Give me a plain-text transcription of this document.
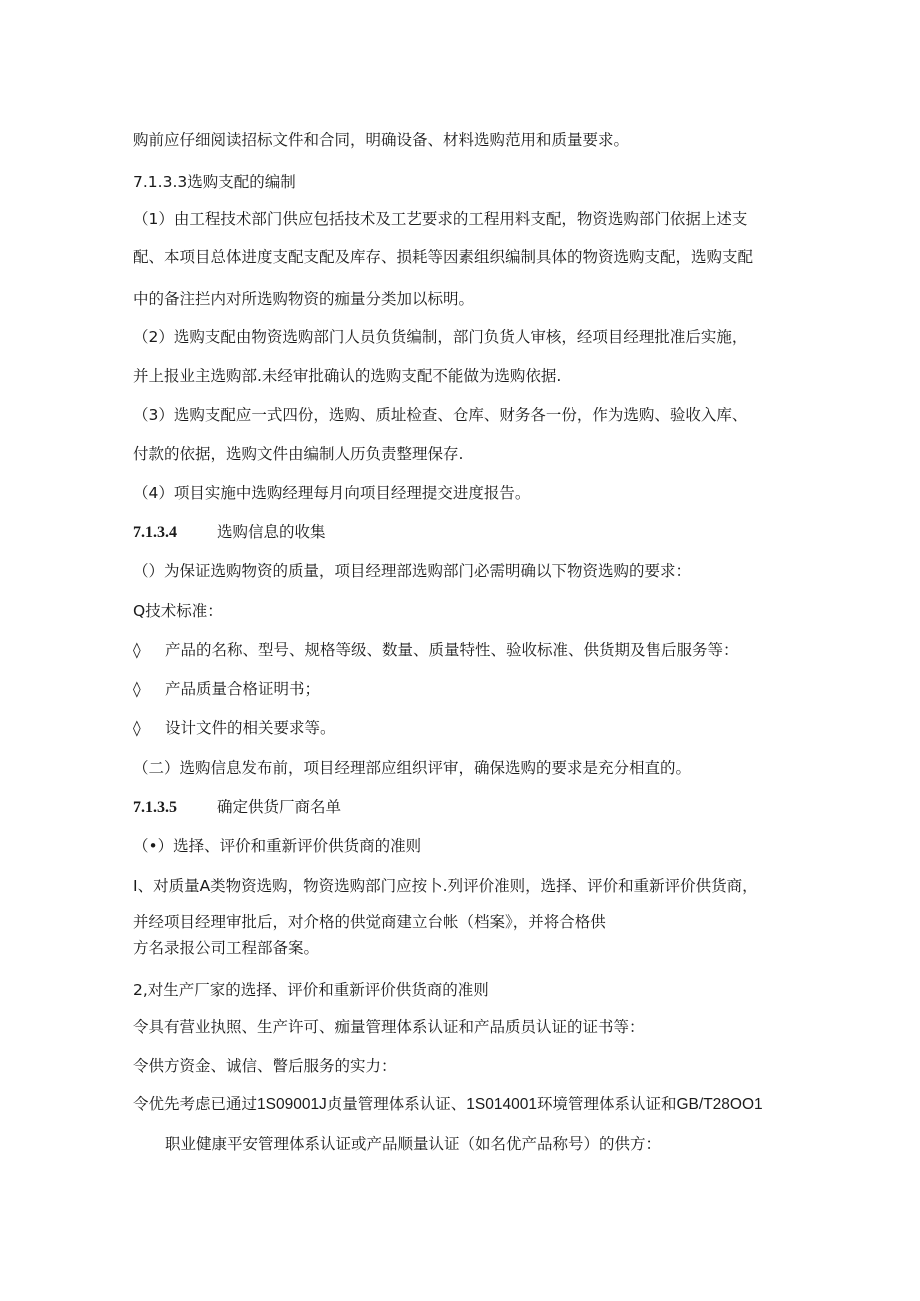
购前应仔细阅读招标文件和合同，明确设备、材料选购范用和质量要求。
7.1.3.3选购支配的编制
（1）由工程技术部门供应包括技术及工艺要求的工程用料支配，物资选购部门依据上述支
配、本项目总体进度支配支配及库存、损耗等因素组织编制具体的物资选购支配，选购支配
中的备注拦内对所选购物资的痂量分类加以标明。
（2）选购支配由物资选购部门人员负货编制，部门负货人审核，经项目经理批准后实施，
并上报业主选购部.未经审批确认的选购支配不能做为选购依据.
（3）选购支配应一式四份，选购、质址检查、仓库、财务各一份，作为选购、验收入库、
付款的依据，选购文件由编制人历负责整理保存.
（4）项目实施中选购经理每月向项目经理提交进度报告。
7.1.3.4	选购信息的收集
（）为保证选购物资的质量，项目经理部选购部门必需明确以下物资选购的要求：
Q技术标准：
◊ 产品的名称、型号、规格等级、数量、质量特性、验收标准、供货期及售后服务等：
◊ 产品质量合格证明书；
◊ 设计文件的相关要求等。
（二）选购信息发布前，项目经理部应组织评审，确保选购的要求是充分相直的。
7.1.3.5	确定供货厂商名单
（•）选择、评价和重新评价供货商的准则
I、对质量A类物资选购，物资选购部门应按卜.列评价准则，选择、评价和重新评价供货商，
并经项目经理审批后，对介格的供觉商建立台帐（档案》，并将合格供
方名录报公司工程部备案。
2,对生产厂家的选择、评价和重新评价供货商的准则
令具有营业执照、生产许可、痂量管理体系认证和产品质员认证的证书等：
令供方资金、诚信、瞥后服务的实力：
令优先考虑已通过1S09001J贞量管理体系认证、1S014001环境管理体系认证和GB/T28OO1
职业健康平安管理体系认证或产品顺量认证（如名优产品称号）的供方：
